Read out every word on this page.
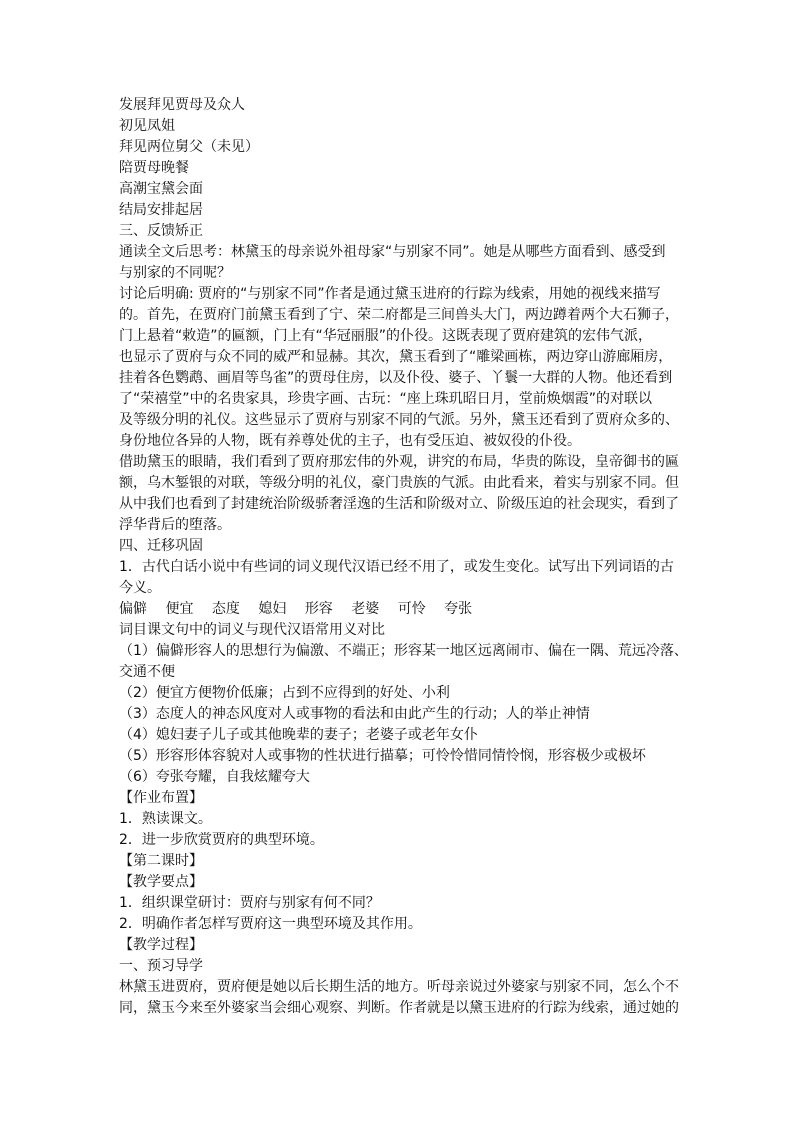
发展拜见贾母及众人
初见凤姐
拜见两位舅父（未见）
陪贾母晚餐
高潮宝黛会面
结局安排起居
三、反馈矫正
通读全文后思考：林黛玉的母亲说外祖母家“与别家不同”。她是从哪些方面看到、感受到
与别家的不同呢？
讨论后明确: 贾府的“与别家不同”作者是通过黛玉进府的行踪为线索，用她的视线来描写
的。首先，在贾府门前黛玉看到了宁、荣二府都是三间兽头大门，两边蹲着两个大石狮子，
门上悬着“敕造”的匾额，门上有“华冠丽服”的仆役。这既表现了贾府建筑的宏伟气派，
也显示了贾府与众不同的威严和显赫。其次，黛玉看到了“雕梁画栋，两边穿山游廊厢房，
挂着各色鹦鹉、画眉等鸟雀”的贾母住房，以及仆役、婆子、丫鬟一大群的人物。他还看到
了“荣禧堂”中的名贵家具，珍贵字画、古玩：“座上珠玑昭日月，堂前焕烟霞”的对联以
及等级分明的礼仪。这些显示了贾府与别家不同的气派。另外，黛玉还看到了贾府众多的、
身份地位各异的人物，既有养尊处优的主子，也有受压迫、被奴役的仆役。
借助黛玉的眼睛，我们看到了贾府那宏伟的外观，讲究的布局，华贵的陈设，皇帝御书的匾
额，乌木錾银的对联，等级分明的礼仪，豪门贵族的气派。由此看来，着实与别家不同。但
从中我们也看到了封建统治阶级骄奢淫逸的生活和阶级对立、阶级压迫的社会现实，看到了
浮华背后的堕落。
四、迁移巩固
1．古代白话小说中有些词的词义现代汉语已经不用了，或发生变化。试写出下列词语的古
今义。
偏僻 便宜 态度 媳妇 形容 老婆 可怜 夸张
词目课文句中的词义与现代汉语常用义对比
（1）偏僻形容人的思想行为偏激、不端正；形容某一地区远离闹市、偏在一隅、荒远冷落、
交通不便
（2）便宜方便物价低廉；占到不应得到的好处、小利
（3）态度人的神态风度对人或事物的看法和由此产生的行动；人的举止神情
（4）媳妇妻子儿子或其他晚辈的妻子；老婆子或老年女仆
（5）形容形体容貌对人或事物的性状进行描摹；可怜怜惜同情怜悯，形容极少或极坏
（6）夸张夸耀，自我炫耀夸大
【作业布置】
1．熟读课文。
2．进一步欣赏贾府的典型环境。
【第二课时】
【教学要点】
1．组织课堂研讨：贾府与别家有何不同？
2．明确作者怎样写贾府这一典型环境及其作用。
【教学过程】
一、预习导学
林黛玉进贾府，贾府便是她以后长期生活的地方。听母亲说过外婆家与别家不同，怎么个不
同，黛玉今来至外婆家当会细心观察、判断。作者就是以黛玉进府的行踪为线索，通过她的
